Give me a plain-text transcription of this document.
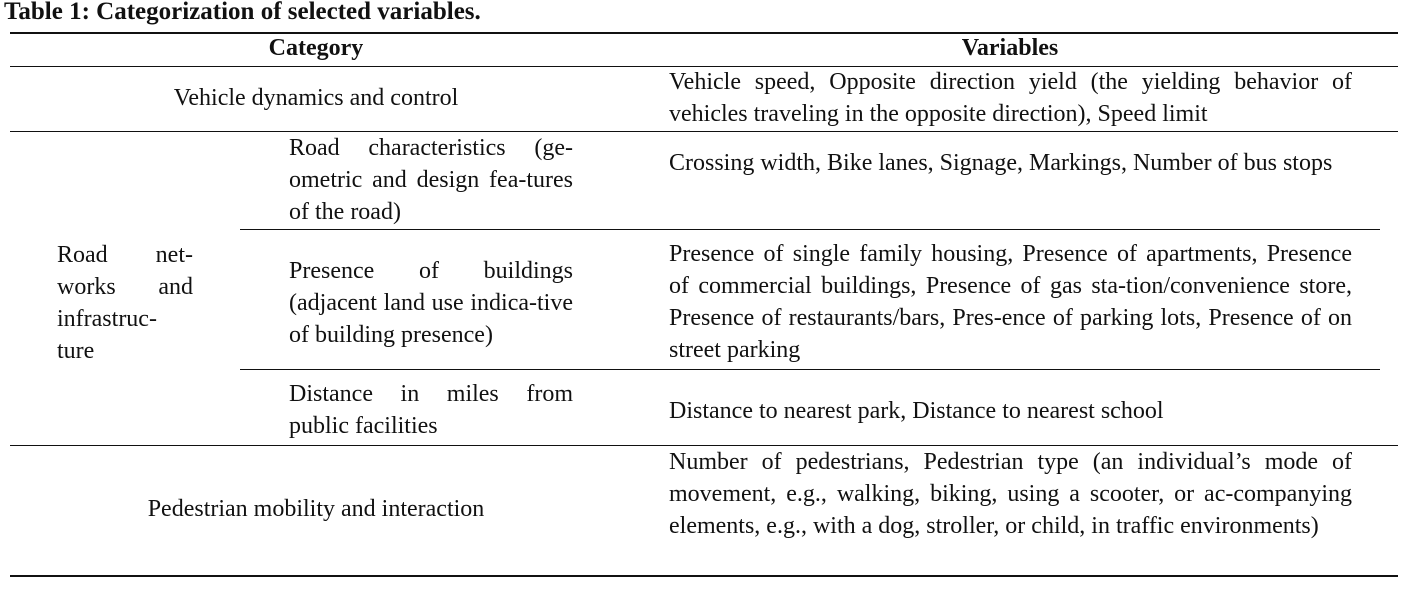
Table 1: Categorization of selected variables.
Category	Variables
Vehicle dynamics and control
Vehicle speed, Opposite direction yield (the yielding behavior of vehicles traveling in the opposite direction), Speed limit
Road net-works and infrastruc-ture
Road characteristics (ge-ometric and design fea-tures of the road)
Crossing width, Bike lanes, Signage, Markings, Number of bus stops
Presence of buildings (adjacent land use indica-tive of building presence)
Presence of single family housing, Presence of apartments, Presence of commercial buildings, Presence of gas sta-tion/convenience store, Presence of restaurants/bars, Pres-ence of parking lots, Presence of on street parking
Distance in miles from public facilities
Distance to nearest park, Distance to nearest school
Pedestrian mobility and interaction
Number of pedestrians, Pedestrian type (an individual’s mode of movement, e.g., walking, biking, using a scooter, or ac-companying elements, e.g., with a dog, stroller, or child, in traffic environments)
